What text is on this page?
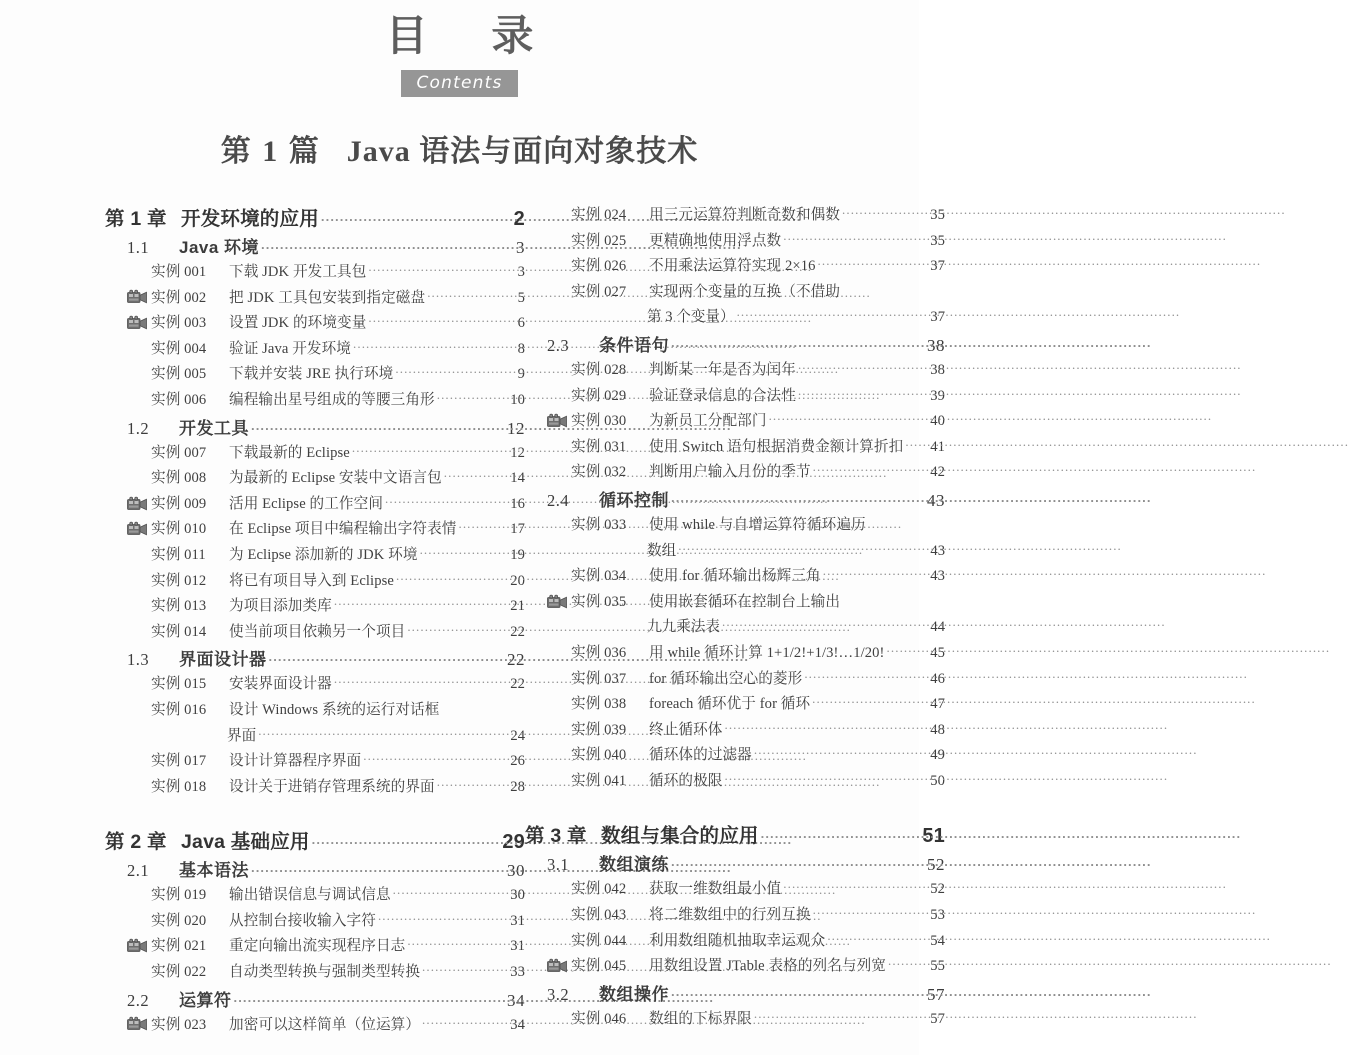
目 录
Contents
第 1 篇 Java 语法与面向对象技术
第 1 章 开发环境的应用 .....	2
1.1	Java 环境 .....	3
实例 001	下载 JDK 开发工具包 .....	3
实例 002	把 JDK 工具包安装到指定磁盘 .....	5
实例 003	设置 JDK 的环境变量 .....	6
实例 004	验证 Java 开发环境 .....	8
实例 005	下载并安装 JRE 执行环境 .....	9
实例 006	编程输出星号组成的等腰三角形 .....	10
1.2	开发工具 .....	12
实例 007	下载最新的 Eclipse .....	12
实例 008	为最新的 Eclipse 安装中文语言包 .....	14
实例 009	活用 Eclipse 的工作空间 .....	16
实例 010	在 Eclipse 项目中编程输出字符表情 .....	17
实例 011	为 Eclipse 添加新的 JDK 环境 .....	19
实例 012	将已有项目导入到 Eclipse .....	20
实例 013	为项目添加类库 .....	21
实例 014	使当前项目依赖另一个项目 .....	22
1.3	界面设计器 .....	22
实例 015	安装界面设计器 .....	22
实例 016	设计 Windows 系统的运行对话框
界面 .....	24
实例 017	设计计算器程序界面 .....	26
实例 018	设计关于进销存管理系统的界面 .....	28
第 2 章 Java 基础应用 .....	29
2.1	基本语法 .....	30
实例 019	输出错误信息与调试信息 .....	30
实例 020	从控制台接收输入字符 .....	31
实例 021	重定向输出流实现程序日志 .....	31
实例 022	自动类型转换与强制类型转换 .....	33
2.2	运算符 .....	34
实例 023	加密可以这样简单（位运算） .....	34
实例 024	用三元运算符判断奇数和偶数 .....	35
实例 025	更精确地使用浮点数 .....	35
实例 026	不用乘法运算符实现 2×16 .....	37
实例 027	实现两个变量的互换（不借助
第 3 个变量） .....	37
2.3	条件语句 .....	38
实例 028	判断某一年是否为闰年 .....	38
实例 029	验证登录信息的合法性 .....	39
实例 030	为新员工分配部门 .....	40
实例 031	使用 Switch 语句根据消费金额计算折扣 .....	41
实例 032	判断用户输入月份的季节 .....	42
2.4	循环控制 .....	43
实例 033	使用 while 与自增运算符循环遍历
数组 .....	43
实例 034	使用 for 循环输出杨辉三角 .....	43
实例 035	使用嵌套循环在控制台上输出
九九乘法表 .....	44
实例 036	用 while 循环计算 1+1/2!+1/3!…1/20! .....	45
实例 037	for 循环输出空心的菱形 .....	46
实例 038	foreach 循环优于 for 循环 .....	47
实例 039	终止循环体 .....	48
实例 040	循环体的过滤器 .....	49
实例 041	循环的极限 .....	50
第 3 章 数组与集合的应用 .....	51
3.1	数组演练 .....	52
实例 042	获取一维数组最小值 .....	52
实例 043	将二维数组中的行列互换 .....	53
实例 044	利用数组随机抽取幸运观众 .....	54
实例 045	用数组设置 JTable 表格的列名与列宽 .....	55
3.2	数组操作 .....	57
实例 046	数组的下标界限 .....	57
